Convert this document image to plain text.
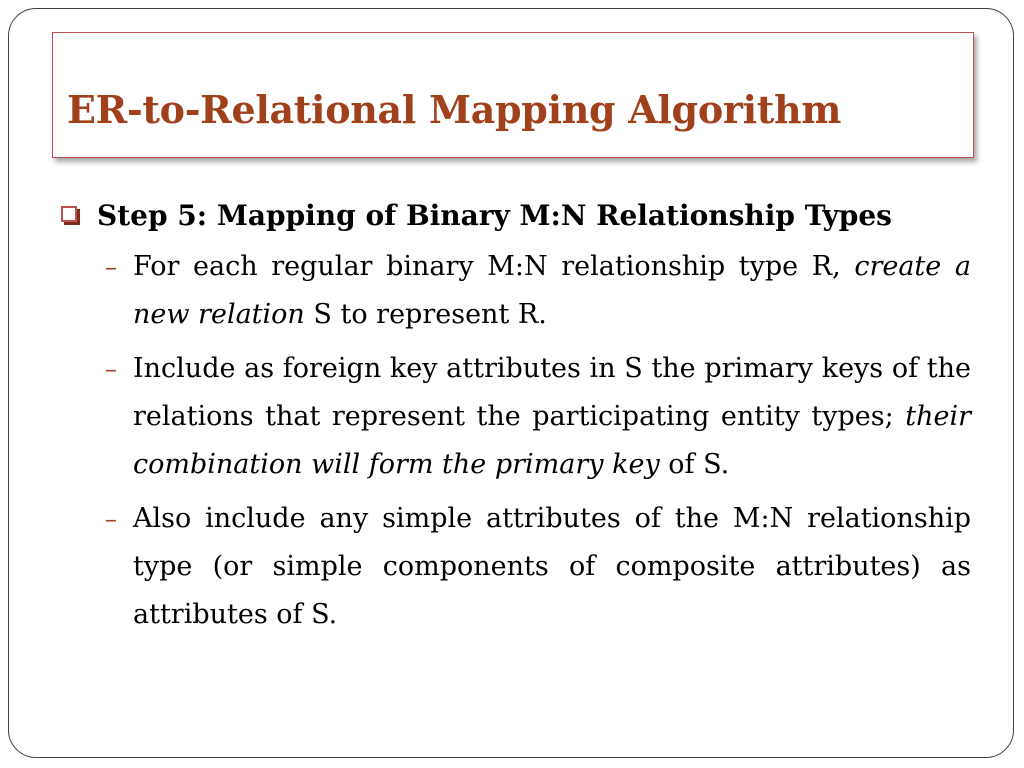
ER-to-Relational Mapping Algorithm
Step 5: Mapping of Binary M:N Relationship Types
– For each regular binary M:N relationship type R, create a new relation S to represent R.
– Include as foreign key attributes in S the primary keys of the relations that represent the participating entity types; their combination will form the primary key of S.
– Also include any simple attributes of the M:N relationship type (or simple components of composite attributes) as attributes of S.
